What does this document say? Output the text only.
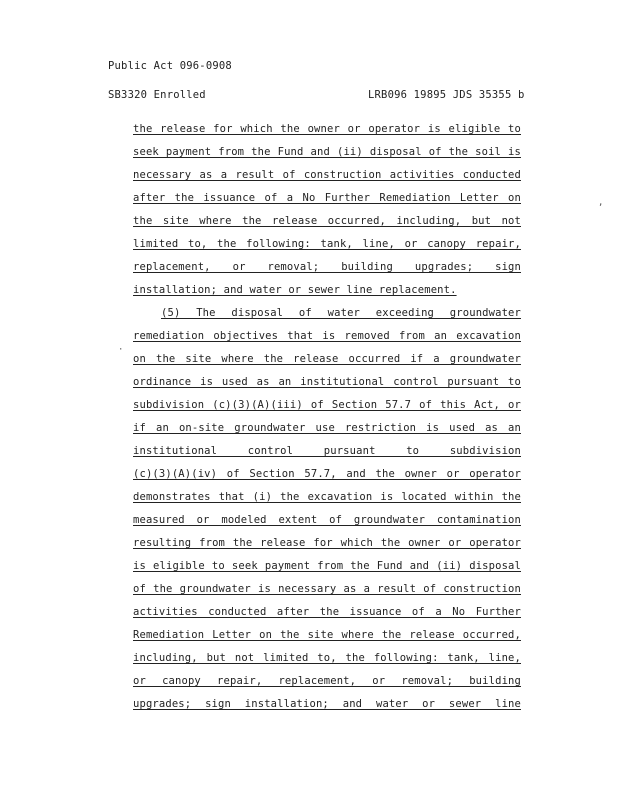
Public Act 096-0908
SB3320 Enrolled	LRB096 19895 JDS 35355 b
the release for which the owner or operator is eligible to
seek payment from the Fund and (ii) disposal of the soil is
necessary as a result of construction activities conducted
after the issuance of a No Further Remediation Letter on
the site where the release occurred, including, but not
limited to, the following: tank, line, or canopy repair,
replacement, or removal; building upgrades; sign
installation; and water or sewer line replacement.
(5) The disposal of water exceeding groundwater
remediation objectives that is removed from an excavation
on the site where the release occurred if a groundwater
ordinance is used as an institutional control pursuant to
subdivision (c)(3)(A)(iii) of Section 57.7 of this Act, or
if an on-site groundwater use restriction is used as an
institutional control pursuant to subdivision
(c)(3)(A)(iv) of Section 57.7, and the owner or operator
demonstrates that (i) the excavation is located within the
measured or modeled extent of groundwater contamination
resulting from the release for which the owner or operator
is eligible to seek payment from the Fund and (ii) disposal
of the groundwater is necessary as a result of construction
activities conducted after the issuance of a No Further
Remediation Letter on the site where the release occurred,
including, but not limited to, the following: tank, line,
or canopy repair, replacement, or removal; building
upgrades; sign installation; and water or sewer line
,
·
